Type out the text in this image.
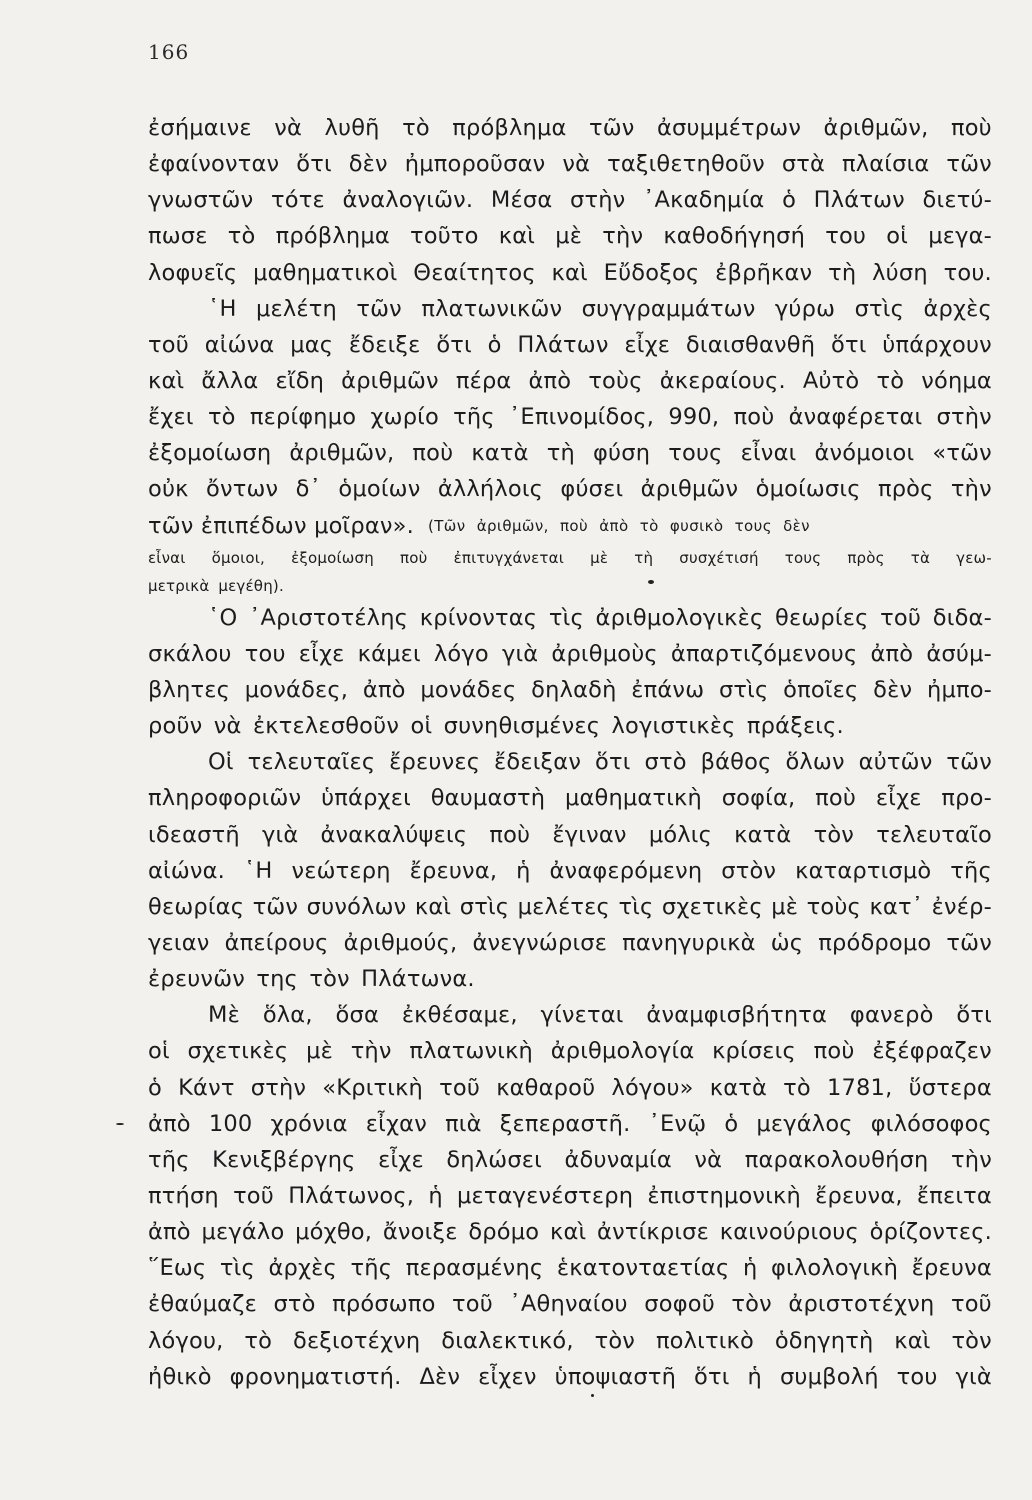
166
ἐσήμαινε νὰ λυθῆ τὸ πρόβλημα τῶν ἀσυμμέτρων ἀριθμῶν, ποὺ
ἐφαίνονταν ὅτι δὲν ἠμποροῦσαν νὰ ταξιθετηθοῦν στὰ πλαίσια τῶν
γνωστῶν τότε ἀναλογιῶν. Μέσα στὴν ᾿Ακαδημία ὁ Πλάτων διετύ-
πωσε τὸ πρόβλημα τοῦτο καὶ μὲ τὴν καθοδήγησή του οἱ μεγα-
λοφυεῖς μαθηματικοὶ Θεαίτητος καὶ Εὔδοξος ἐβρῆκαν τὴ λύση του.
῾Η μελέτη τῶν πλατωνικῶν συγγραμμάτων γύρω στὶς ἀρχὲς
τοῦ αἰώνα μας ἔδειξε ὅτι ὁ Πλάτων εἶχε διαισθανθῆ ὅτι ὑπάρχουν
καὶ ἄλλα εἴδη ἀριθμῶν πέρα ἀπὸ τοὺς ἀκεραίους. Αὐτὸ τὸ νόημα
ἔχει τὸ περίφημο χωρίο τῆς ᾿Επινομίδος, 990, ποὺ ἀναφέρεται στὴν
ἐξομοίωση ἀριθμῶν, ποὺ κατὰ τὴ φύση τους εἶναι ἀνόμοιοι «τῶν
οὐκ ὄντων δ᾿ ὁμοίων ἀλλήλοις φύσει ἀριθμῶν ὁμοίωσις πρὸς τὴν
τῶν ἐπιπέδων μοῖραν». (Τῶν ἀριθμῶν, ποὺ ἀπὸ τὸ φυσικὸ τους δὲν
εἶναι ὅμοιοι, ἐξομοίωση ποὺ ἐπιτυγχάνεται μὲ τὴ συσχέτισή τους πρὸς τὰ γεω-
μετρικὰ μεγέθη).
῾Ο ᾿Αριστοτέλης κρίνοντας τὶς ἀριθμολογικὲς θεωρίες τοῦ διδα-
σκάλου του εἶχε κάμει λόγο γιὰ ἀριθμοὺς ἀπαρτιζόμενους ἀπὸ ἀσύμ-
βλητες μονάδες, ἀπὸ μονάδες δηλαδὴ ἐπάνω στὶς ὁποῖες δὲν ἠμπο-
ροῦν νὰ ἐκτελεσθοῦν οἱ συνηθισμένες λογιστικὲς πράξεις.
Οἱ τελευταῖες ἔρευνες ἔδειξαν ὅτι στὸ βάθος ὅλων αὐτῶν τῶν
πληροφοριῶν ὑπάρχει θαυμαστὴ μαθηματικὴ σοφία, ποὺ εἶχε προ-
ιδεαστῆ γιὰ ἀνακαλύψεις ποὺ ἔγιναν μόλις κατὰ τὸν τελευταῖο
αἰώνα. ῾Η νεώτερη ἔρευνα, ἡ ἀναφερόμενη στὸν καταρτισμὸ τῆς
θεωρίας τῶν συνόλων καὶ στὶς μελέτες τὶς σχετικὲς μὲ τοὺς κατ᾿ ἐνέρ-
γειαν ἀπείρους ἀριθμούς, ἀνεγνώρισε πανηγυρικὰ ὡς πρόδρομο τῶν
ἐρευνῶν της τὸν Πλάτωνα.
Μὲ ὅλα, ὅσα ἐκθέσαμε, γίνεται ἀναμφισβήτητα φανερὸ ὅτι
οἱ σχετικὲς μὲ τὴν πλατωνικὴ ἀριθμολογία κρίσεις ποὺ ἐξέφραζεν
ὁ Κάντ στὴν «Κριτικὴ τοῦ καθαροῦ λόγου» κατὰ τὸ 1781, ὕστερα
ἀπὸ 100 χρόνια εἶχαν πιὰ ξεπεραστῆ. ᾿Ενῷ ὁ μεγάλος φιλόσοφος
τῆς Κενιξβέργης εἶχε δηλώσει ἀδυναμία νὰ παρακολουθήση τὴν
πτήση τοῦ Πλάτωνος, ἡ μεταγενέστερη ἐπιστημονικὴ ἔρευνα, ἔπειτα
ἀπὸ μεγάλο μόχθο, ἄνοιξε δρόμο καὶ ἀντίκρισε καινούριους ὁρίζοντες.
῞Εως τὶς ἀρχὲς τῆς περασμένης ἑκατονταετίας ἡ φιλολογικὴ ἔρευνα
ἐθαύμαζε στὸ πρόσωπο τοῦ ᾿Αθηναίου σοφοῦ τὸν ἀριστοτέχνη τοῦ
λόγου, τὸ δεξιοτέχνη διαλεκτικό, τὸν πολιτικὸ ὁδηγητὴ καὶ τὸν
ἠθικὸ φρονηματιστή. Δὲν εἶχεν ὑποψιαστῆ ὅτι ἡ συμβολή του γιὰ
